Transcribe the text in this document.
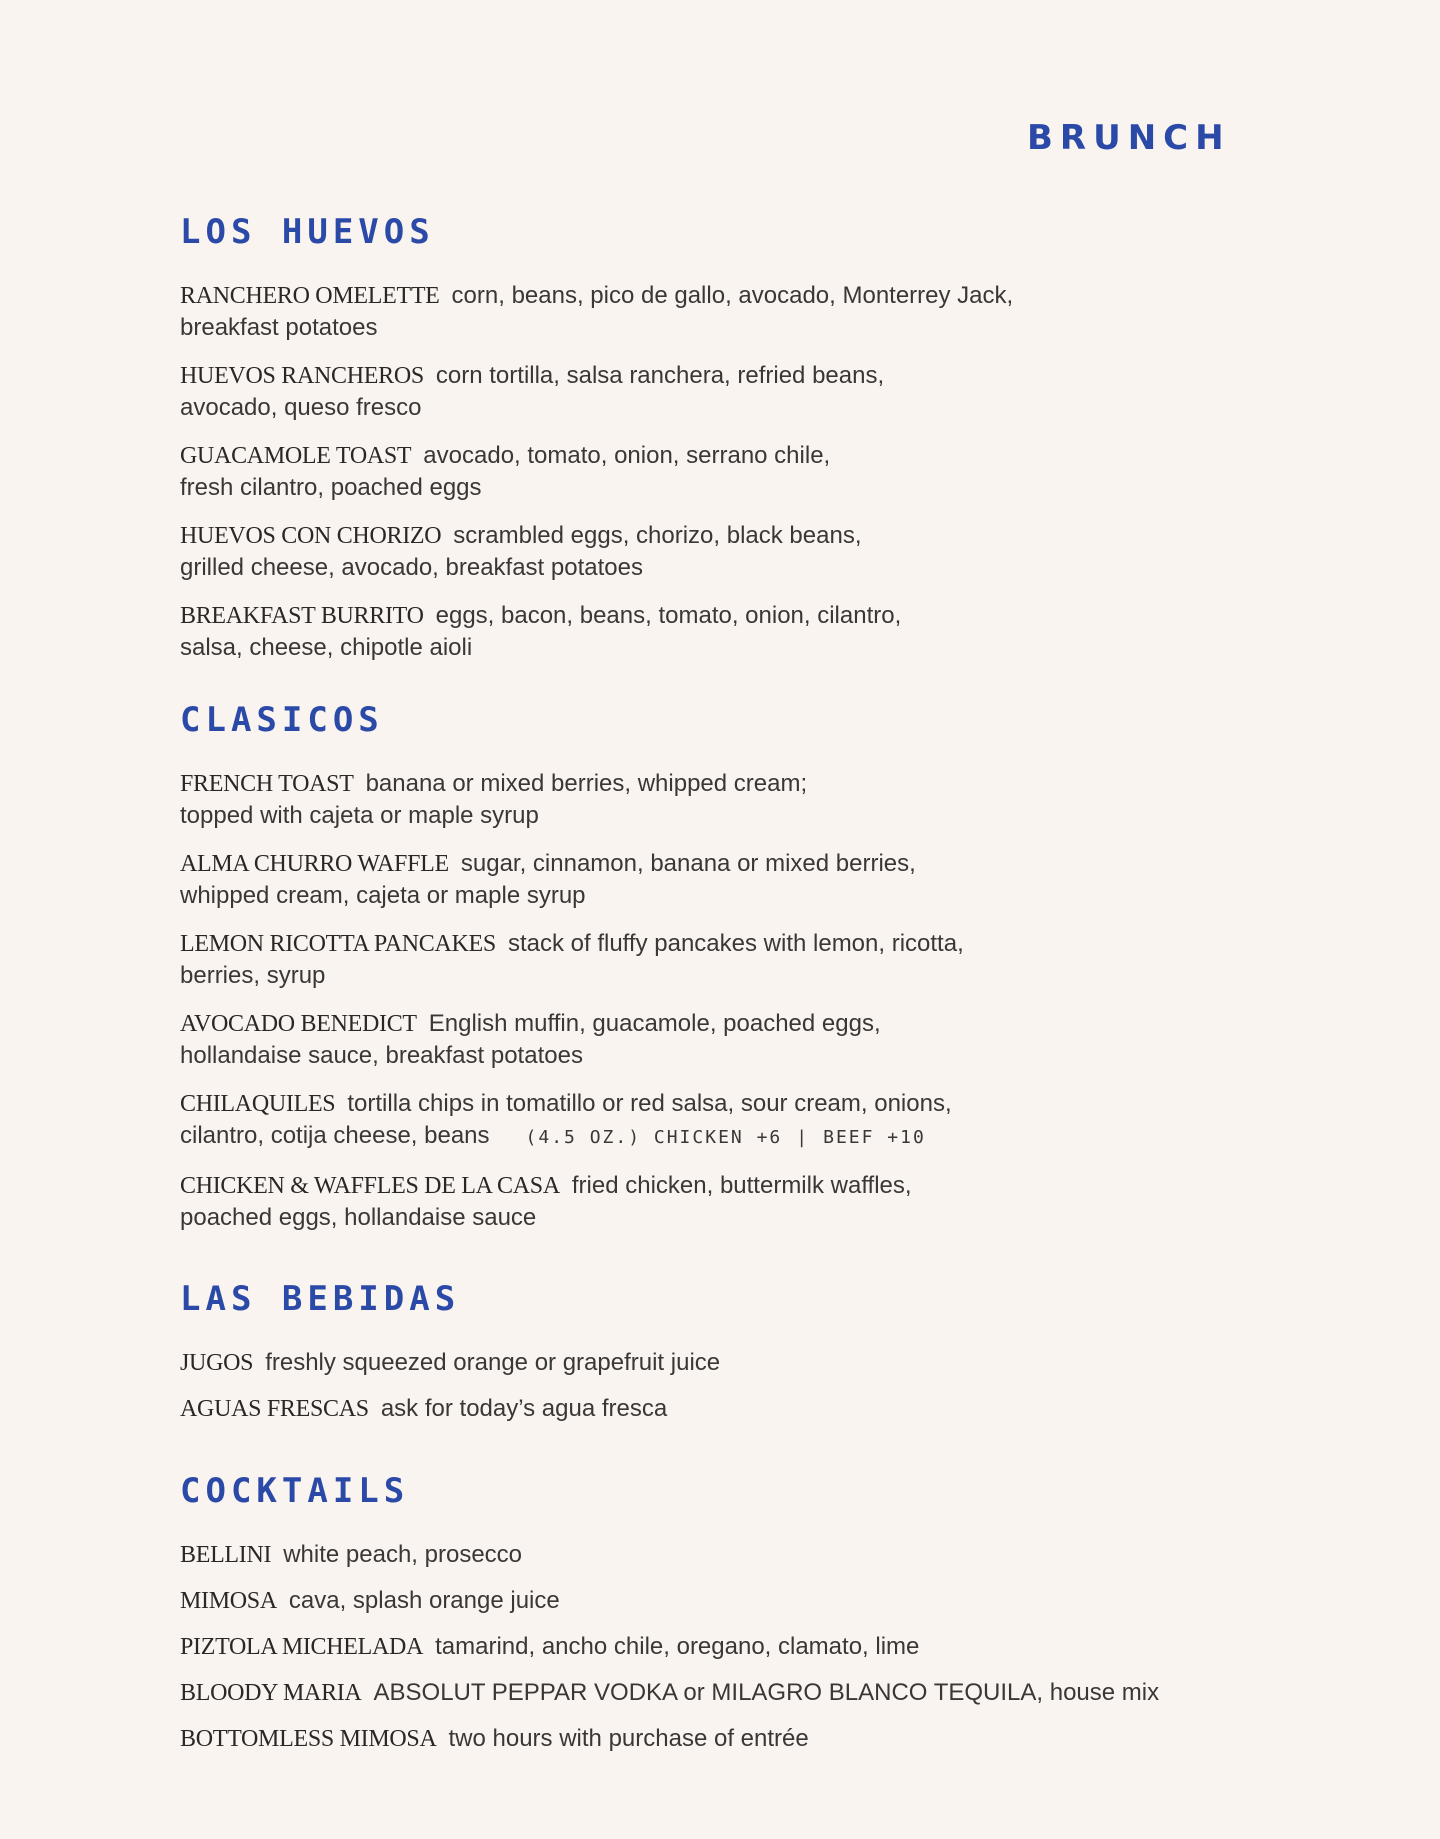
BRUNCH
LOS HUEVOS
RANCHERO OMELETTE corn, beans, pico de gallo, avocado, Monterrey Jack,
breakfast potatoes
HUEVOS RANCHEROS corn tortilla, salsa ranchera, refried beans,
avocado, queso fresco
GUACAMOLE TOAST avocado, tomato, onion, serrano chile,
fresh cilantro, poached eggs
HUEVOS CON CHORIZO scrambled eggs, chorizo, black beans,
grilled cheese, avocado, breakfast potatoes
BREAKFAST BURRITO eggs, bacon, beans, tomato, onion, cilantro,
salsa, cheese, chipotle aioli
CLASICOS
FRENCH TOAST banana or mixed berries, whipped cream;
topped with cajeta or maple syrup
ALMA CHURRO WAFFLE sugar, cinnamon, banana or mixed berries,
whipped cream, cajeta or maple syrup
LEMON RICOTTA PANCAKES stack of fluffy pancakes with lemon, ricotta,
berries, syrup
AVOCADO BENEDICT English muffin, guacamole, poached eggs,
hollandaise sauce, breakfast potatoes
CHILAQUILES tortilla chips in tomatillo or red salsa, sour cream, onions,
cilantro, cotija cheese, beans (4.5 OZ.) CHICKEN +6 | BEEF +10
CHICKEN & WAFFLES DE LA CASA fried chicken, buttermilk waffles,
poached eggs, hollandaise sauce
LAS BEBIDAS
JUGOS freshly squeezed orange or grapefruit juice
AGUAS FRESCAS ask for today’s agua fresca
COCKTAILS
BELLINI white peach, prosecco
MIMOSA cava, splash orange juice
PIZTOLA MICHELADA tamarind, ancho chile, oregano, clamato, lime
BLOODY MARIA ABSOLUT PEPPAR VODKA or MILAGRO BLANCO TEQUILA, house mix
BOTTOMLESS MIMOSA two hours with purchase of entrée
